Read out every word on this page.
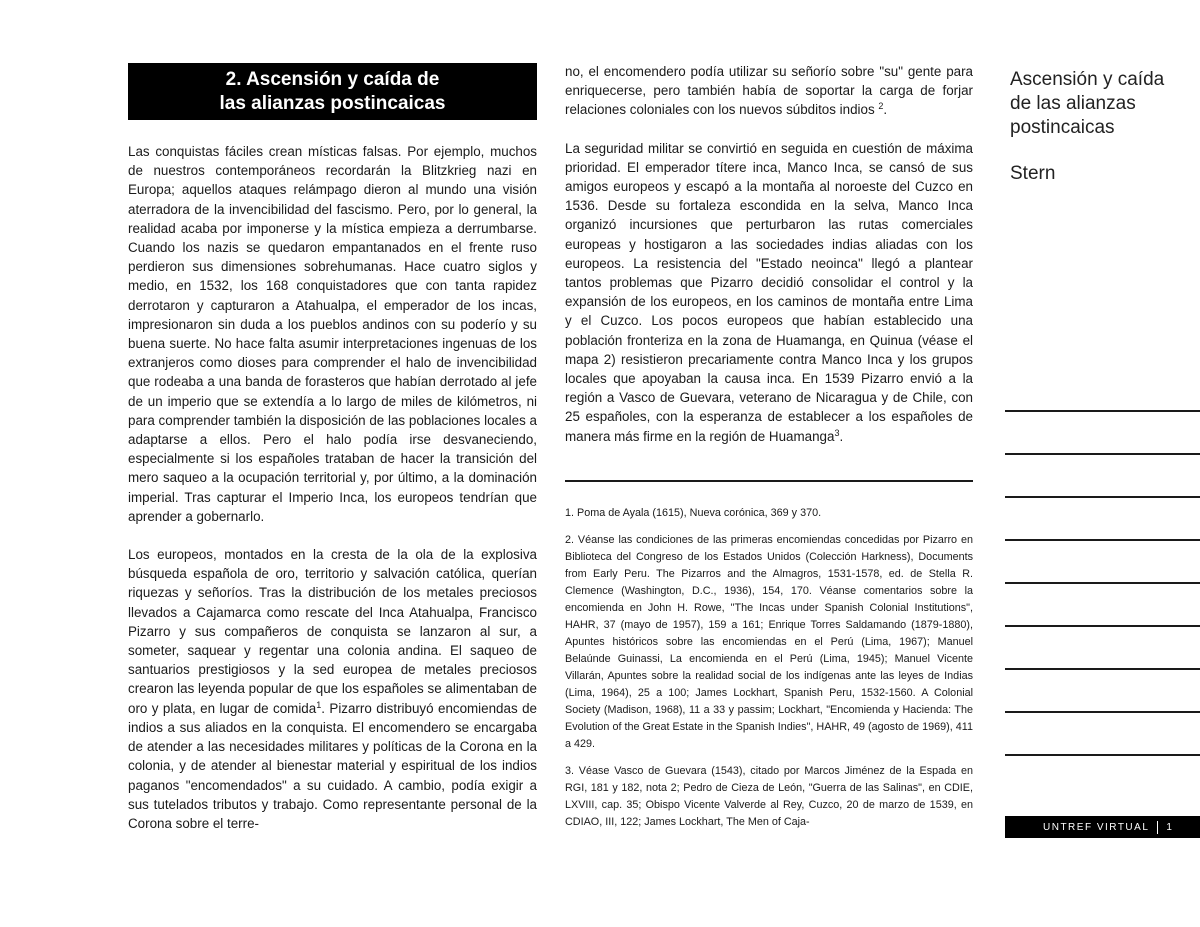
2. Ascensión y caída de
las alianzas postincaicas

Las conquistas fáciles crean místicas falsas. Por ejemplo, muchos de nuestros contemporáneos recordarán la Blitzkrieg nazi en Europa; aquellos ataques relámpago dieron al mundo una visión aterradora de la invencibilidad del fascismo. Pero, por lo general, la realidad acaba por imponerse y la mística empieza a derrumbarse. Cuando los nazis se quedaron empantanados en el frente ruso perdieron sus dimensiones sobrehumanas. Hace cuatro siglos y medio, en 1532, los 168 conquistadores que con tanta rapidez derrotaron y capturaron a Atahualpa, el emperador de los incas, impresionaron sin duda a los pueblos andinos con su poderío y su buena suerte. No hace falta asumir interpretaciones ingenuas de los extranjeros como dioses para comprender el halo de invencibilidad que rodeaba a una banda de forasteros que habían derrotado al jefe de un imperio que se extendía a lo largo de miles de kilómetros, ni para comprender también la disposición de las poblaciones locales a adaptarse a ellos. Pero el halo podía irse desvaneciendo, especialmente si los españoles trataban de hacer la transición del mero saqueo a la ocupación territorial y, por último, a la dominación imperial. Tras capturar el Imperio Inca, los europeos tendrían que aprender a gobernarlo.

Los europeos, montados en la cresta de la ola de la explosiva búsqueda española de oro, territorio y salvación católica, querían riquezas y señoríos. Tras la distribución de los metales preciosos llevados a Cajamarca como rescate del Inca Atahualpa, Francisco Pizarro y sus compañeros de conquista se lanzaron al sur, a someter, saquear y regentar una colonia andina. El saqueo de santuarios prestigiosos y la sed europea de metales preciosos crearon las leyenda popular de que los españoles se alimentaban de oro y plata, en lugar de comida$^1$. Pizarro distribuyó encomiendas de indios a sus aliados en la conquista. El encomendero se encargaba de atender a las necesidades militares y políticas de la Corona en la colonia, y de atender al bienestar material y espiritual de los indios paganos "encomendados" a su cuidado. A cambio, podía exigir a sus tutelados tributos y trabajo. Como representante personal de la Corona sobre el terre-

no, el encomendero podía utilizar su señorío sobre "su" gente para enriquecerse, pero también había de soportar la carga de forjar relaciones coloniales con los nuevos súbditos indios $^2$.

La seguridad militar se convirtió en seguida en cuestión de máxima prioridad. El emperador títere inca, Manco Inca, se cansó de sus amigos europeos y escapó a la montaña al noroeste del Cuzco en 1536. Desde su fortaleza escondida en la selva, Manco Inca organizó incursiones que perturbaron las rutas comerciales europeas y hostigaron a las sociedades indias aliadas con los europeos. La resistencia del "Estado neoinca" llegó a plantear tantos problemas que Pizarro decidió consolidar el control y la expansión de los europeos, en los caminos de montaña entre Lima y el Cuzco. Los pocos europeos que habían establecido una población fronteriza en la zona de Huamanga, en Quinua (véase el mapa 2) resistieron precariamente contra Manco Inca y los grupos locales que apoyaban la causa inca. En 1539 Pizarro envió a la región a Vasco de Guevara, veterano de Nicaragua y de Chile, con 25 españoles, con la esperanza de establecer a los españoles de manera más firme en la región de Huamanga$^3$.

1. Poma de Ayala (1615), Nueva corónica, 369 y 370.

2. Véanse las condiciones de las primeras encomiendas concedidas por Pizarro en Biblioteca del Congreso de los Estados Unidos (Colección Harkness), Documents from Early Peru. The Pizarros and the Almagros, 1531-1578, ed. de Stella R. Clemence (Washington, D.C., 1936), 154, 170. Véanse comentarios sobre la encomienda en John H. Rowe, "The Incas under Spanish Colonial Institutions", HAHR, 37 (mayo de 1957), 159 a 161; Enrique Torres Saldamando (1879-1880), Apuntes históricos sobre las encomiendas en el Perú (Lima, 1967); Manuel Belaúnde Guinassi, La encomienda en el Perú (Lima, 1945); Manuel Vicente Villarán, Apuntes sobre la realidad social de los indígenas ante las leyes de Indias (Lima, 1964), 25 a 100; James Lockhart, Spanish Peru, 1532-1560. A Colonial Society (Madison, 1968), 11 a 33 y passim; Lockhart, "Encomienda y Hacienda: The Evolution of the Great Estate in the Spanish Indies", HAHR, 49 (agosto de 1969), 411 a 429.

3. Véase Vasco de Guevara (1543), citado por Marcos Jiménez de la Espada en RGI, 181 y 182, nota 2; Pedro de Cieza de León, "Guerra de las Salinas", en CDIE, LXVIII, cap. 35; Obispo Vicente Valverde al Rey, Cuzco, 20 de marzo de 1539, en CDIAO, III, 122; James Lockhart, The Men of Caja-

Ascensión y caída de las alianzas postincaicas
Stern
UNTREF VIRTUAL 1
